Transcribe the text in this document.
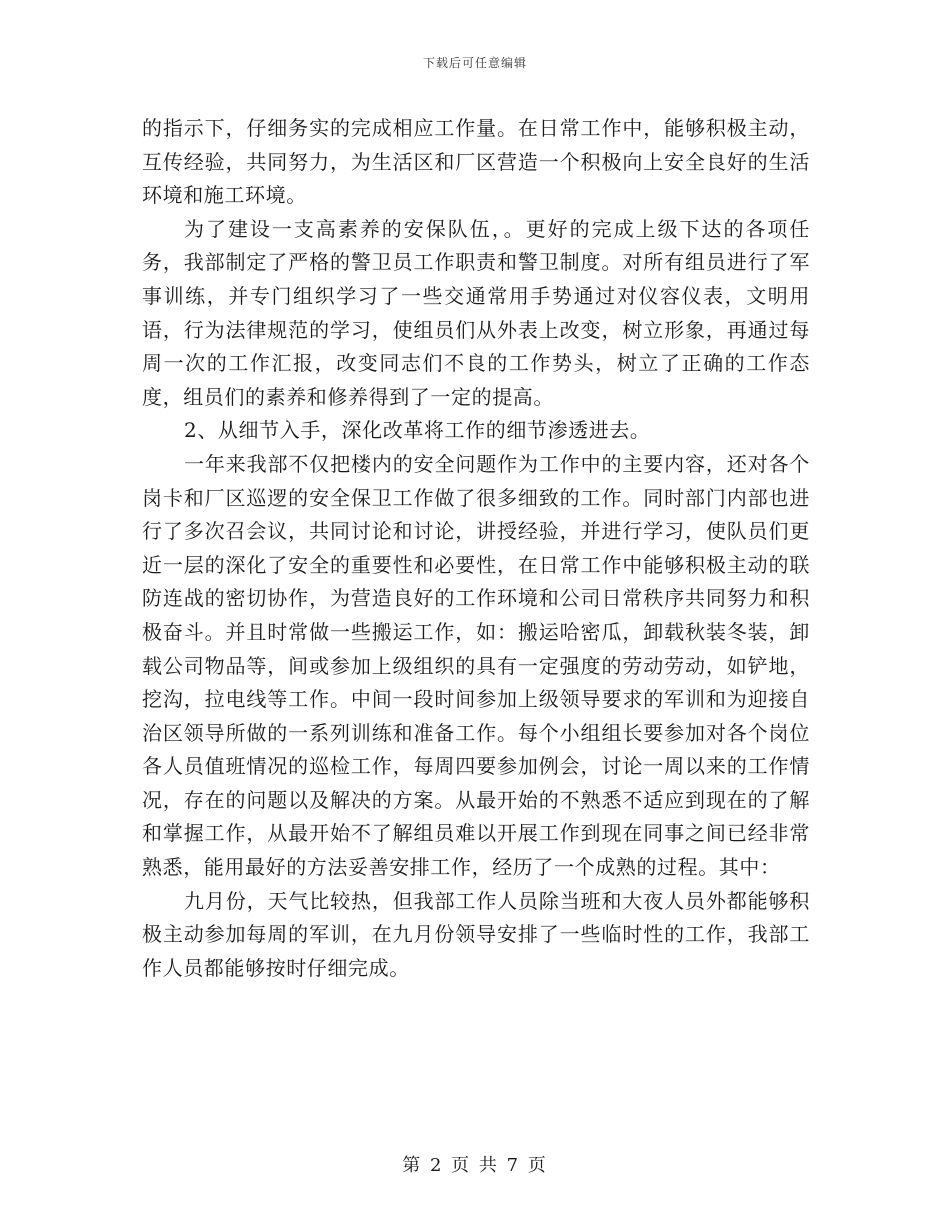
下载后可任意编辑

的指示下，仔细务实的完成相应工作量。在日常工作中，能够积极主动，互传经验，共同努力，为生活区和厂区营造一个积极向上安全良好的生活环境和施工环境。

为了建设一支高素养的安保队伍，。更好的完成上级下达的各项任务，我部制定了严格的警卫员工作职责和警卫制度。对所有组员进行了军事训练，并专门组织学习了一些交通常用手势通过对仪容仪表，文明用语，行为法律规范的学习，使组员们从外表上改变，树立形象，再通过每周一次的工作汇报，改变同志们不良的工作势头，树立了正确的工作态度，组员们的素养和修养得到了一定的提高。

2、从细节入手，深化改革将工作的细节渗透进去。

一年来我部不仅把楼内的安全问题作为工作中的主要内容，还对各个岗卡和厂区巡逻的安全保卫工作做了很多细致的工作。同时部门内部也进行了多次召会议，共同讨论和讨论，讲授经验，并进行学习，使队员们更近一层的深化了安全的重要性和必要性，在日常工作中能够积极主动的联防连战的密切协作，为营造良好的工作环境和公司日常秩序共同努力和积极奋斗。并且时常做一些搬运工作，如：搬运哈密瓜，卸载秋装冬装，卸载公司物品等，间或参加上级组织的具有一定强度的劳动劳动，如铲地，挖沟，拉电线等工作。中间一段时间参加上级领导要求的军训和为迎接自治区领导所做的一系列训练和准备工作。每个小组组长要参加对各个岗位各人员值班情况的巡检工作，每周四要参加例会，讨论一周以来的工作情况，存在的问题以及解决的方案。从最开始的不熟悉不适应到现在的了解和掌握工作，从最开始不了解组员难以开展工作到现在同事之间已经非常熟悉，能用最好的方法妥善安排工作，经历了一个成熟的过程。其中：

九月份，天气比较热，但我部工作人员除当班和大夜人员外都能够积极主动参加每周的军训，在九月份领导安排了一些临时性的工作，我部工作人员都能够按时仔细完成。

第 2 页 共 7 页
